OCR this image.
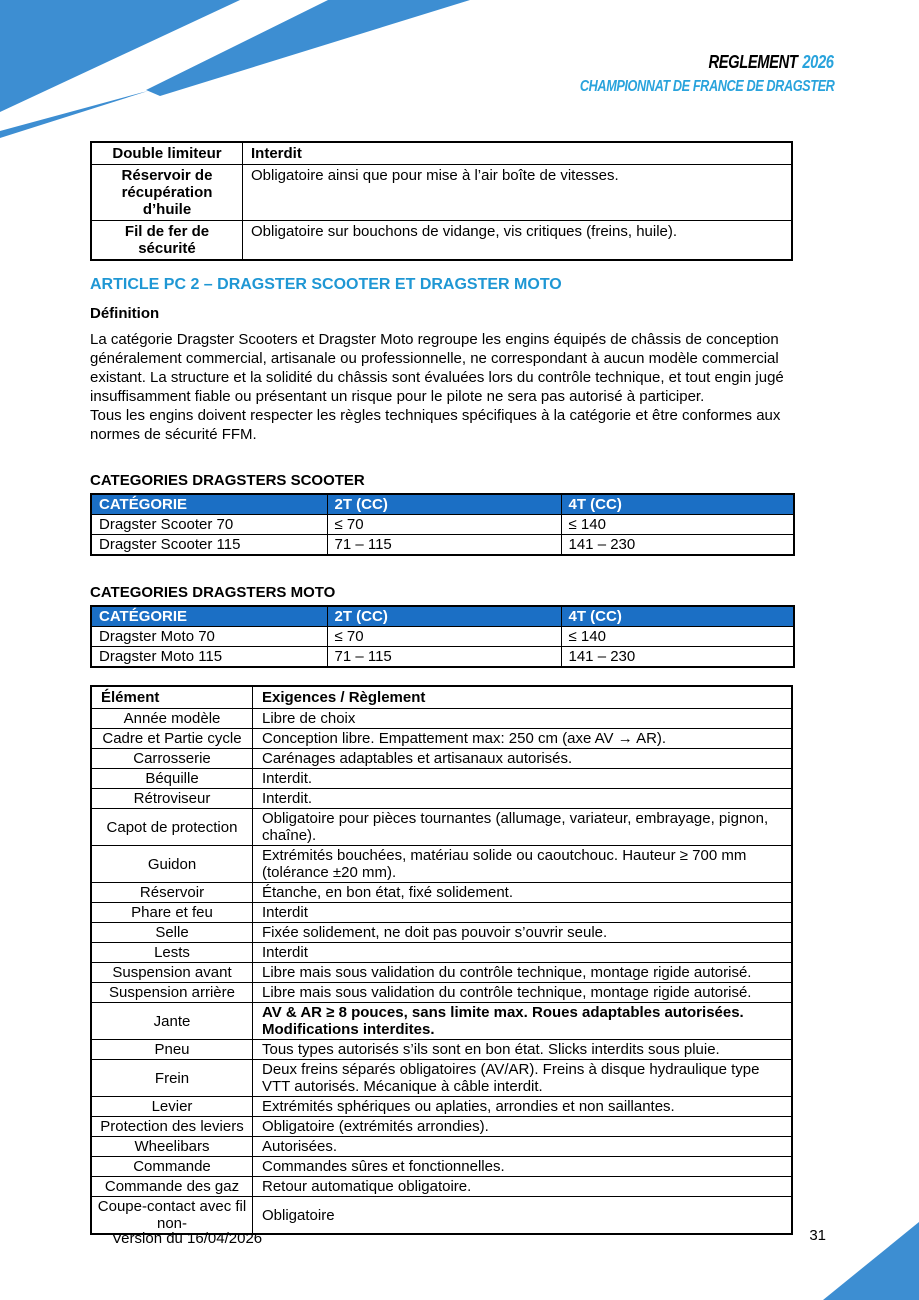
REGLEMENT 2026
CHAMPIONNAT DE FRANCE DE DRAGSTER
Double limiteur	Interdit
Réservoir de récupération d’huile	Obligatoire ainsi que pour mise à l’air boîte de vitesses.
Fil de fer de sécurité	Obligatoire sur bouchons de vidange, vis critiques (freins, huile).
ARTICLE PC 2 – DRAGSTER SCOOTER ET DRAGSTER MOTO
Définition
La catégorie Dragster Scooters et Dragster Moto regroupe les engins équipés de châssis de conception généralement commercial, artisanale ou professionnelle, ne correspondant à aucun modèle commercial existant. La structure et la solidité du châssis sont évaluées lors du contrôle technique, et tout engin jugé insuffisamment fiable ou présentant un risque pour le pilote ne sera pas autorisé à participer.
Tous les engins doivent respecter les règles techniques spécifiques à la catégorie et être conformes aux normes de sécurité FFM.
CATEGORIES DRAGSTERS SCOOTER
CATÉGORIE	2T (CC)	4T (CC)
Dragster Scooter 70	≤ 70	≤ 140
Dragster Scooter 115	71 – 115	141 – 230
CATEGORIES DRAGSTERS MOTO
CATÉGORIE	2T (CC)	4T (CC)
Dragster Moto 70	≤ 70	≤ 140
Dragster Moto 115	71 – 115	141 – 230
Élément	Exigences / Règlement
Année modèle	Libre de choix
Cadre et Partie cycle	Conception libre. Empattement max: 250 cm (axe AV → AR).
Carrosserie	Carénages adaptables et artisanaux autorisés.
Béquille	Interdit.
Rétroviseur	Interdit.
Capot de protection	Obligatoire pour pièces tournantes (allumage, variateur, embrayage, pignon, chaîne).
Guidon	Extrémités bouchées, matériau solide ou caoutchouc. Hauteur ≥ 700 mm (tolérance ±20 mm).
Réservoir	Étanche, en bon état, fixé solidement.
Phare et feu	Interdit
Selle	Fixée solidement, ne doit pas pouvoir s’ouvrir seule.
Lests	Interdit
Suspension avant	Libre mais sous validation du contrôle technique, montage rigide autorisé.
Suspension arrière	Libre mais sous validation du contrôle technique, montage rigide autorisé.
Jante	AV & AR ≥ 8 pouces, sans limite max. Roues adaptables autorisées. Modifications interdites.
Pneu	Tous types autorisés s’ils sont en bon état. Slicks interdits sous pluie.
Frein	Deux freins séparés obligatoires (AV/AR). Freins à disque hydraulique type VTT autorisés. Mécanique à câble interdit.
Levier	Extrémités sphériques ou aplaties, arrondies et non saillantes.
Protection des leviers	Obligatoire (extrémités arrondies).
Wheelibars	Autorisées.
Commande	Commandes sûres et fonctionnelles.
Commande des gaz	Retour automatique obligatoire.
Coupe-contact avec fil non-	Obligatoire
Version du 16/04/2026	31
